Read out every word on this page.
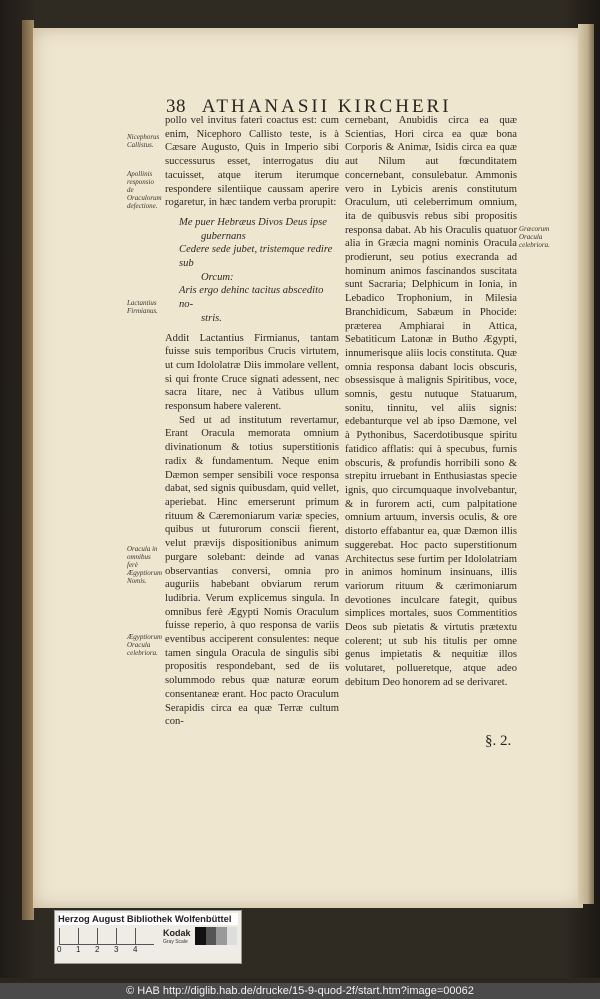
38 ATHANASII KIRCHERI

pollo vel invitus fateri coactus est: cum enim, Nicephoro Callisto teste, is à Cæsare Augusto, Quis in Imperio sibi successurus esset, interrogatus diu tacuisset, atque iterum iterumque respondere silentiique caussam aperire rogaretur, in hæc tandem verba prorupit:

Me puer Hebræus Divos Deus ipse
gubernans
Cedere sede jubet, tristemque redire sub
Orcum:
Aris ergo dehinc tacitus abscedito no-
stris.

Addit Lactantius Firmianus, tantam fuisse suis temporibus Crucis virtutem, ut cum Idololatræ Diis immolare vellent, si qui fronte Cruce signati adessent, nec sacra litare, nec à Vatibus ullum responsum habere valerent.

Sed ut ad institutum revertamur, Erant Oracula memorata omnium divinationum & totius superstitionis radix & fundamentum. Neque enim Dæmon semper sensibili voce responsa dabat, sed signis quibusdam, quid vellet, aperiebat. Hinc emerserunt primum rituum & Cæremoniarum variæ species, quibus ut futurorum conscii fierent, velut prævijs dispositionibus animum purgare solebant: deinde ad vanas observantias conversi, omnia pro auguriis habebant obviarum rerum ludibria. Verum explicemus singula. In omnibus ferè Ægypti Nomis Oraculum fuisse reperio, à quo responsa de variis eventibus acciperent consulentes: neque tamen singula Oracula de singulis sibi propositis respondebant, sed de iis solummodo rebus quæ naturæ eorum consentaneæ erant. Hoc pacto Oraculum Serapidis circa ea quæ Terræ cultum con-

cernebant, Anubidis circa ea quæ Scientias, Hori circa ea quæ bona Corporis & Animæ, Isidis circa ea quæ aut Nilum aut fœcunditatem concernebant, consulebatur. Ammonis vero in Lybicis arenis constitutum Oraculum, uti celeberrimum omnium, ita de quibusvis rebus sibi propositis responsa dabat. Ab his Oraculis quatuor alia in Græcia magni nominis Oracula prodierunt, seu potius execranda ad hominum animos fascinandos suscitata sunt Sacraria; Delphicum in Ionia, in Lebadico Trophonium, in Milesia Branchidicum, Sabæum in Phocide: præterea Amphiarai in Attica, Sebatiticum Latonæ in Butho Ægypti, innumerisque aliis locis constituta. Quæ omnia responsa dabant locis obscuris, obsessisque à malignis Spiritibus, voce, somnis, gestu nutuque Statuarum, sonitu, tinnitu, vel aliis signis: edebanturque vel ab ipso Dæmone, vel à Pythonibus, Sacerdotibusque spiritu fatidico afflatis: qui à specubus, furnis obscuris, & profundis horribili sono & strepitu irruebant in Enthusiastas specie ignis, quo circumquaque involvebantur, & in furorem acti, cum palpitatione omnium artuum, inversis oculis, & ore distorto effabantur ea, quæ Dæmon illis suggerebat. Hoc pacto superstitionum Architectus sese furtim per Idololatriam in animos hominum insinuans, illis variorum rituum & cærimoniarum devotiones inculcare fategit, quibus simplices mortales, suos Commentitios Deos sub pietatis & virtutis prætextu colerent; ut sub his titulis per omne genus impietatis & nequitiæ illos volutaret, pollueretque, atque adeo debitum Deo honorem ad se derivaret.

Nicephorus Callistus.
Apollinis responsio de Oraculorum defectione.
Lactantius Firmianus.
Oracula in omnibus ferè Ægyptiorum Nomis.
Ægyptiorum Oracula celebriora.
Græcorum Oracula celebriora.
§. 2.
Herzog August Bibliothek Wolfenbüttel
0 1 2 3 4
Kodak
Gray Scale
© HAB http://diglib.hab.de/drucke/15-9-quod-2f/start.htm?image=00062
